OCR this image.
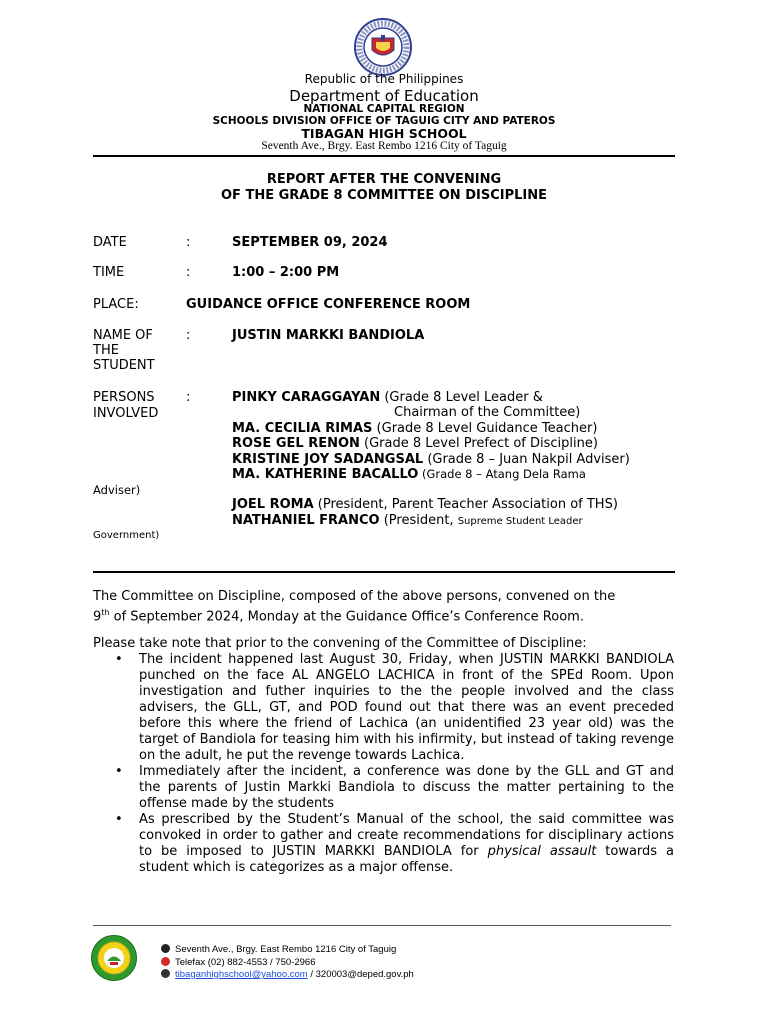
Republic of the Philippines
Department of Education
NATIONAL CAPITAL REGION
SCHOOLS DIVISION OFFICE OF TAGUIG CITY AND PATEROS
TIBAGAN HIGH SCHOOL
Seventh Ave., Brgy. East Rembo 1216 City of Taguig
REPORT AFTER THE CONVENING
OF THE GRADE 8 COMMITTEE ON DISCIPLINE
DATE	:	SEPTEMBER 09, 2024
TIME	:	1:00 – 2:00 PM
PLACE:	GUIDANCE OFFICE CONFERENCE ROOM
NAME OF
THE
STUDENT
:	JUSTIN MARKKI BANDIOLA
PERSONS
INVOLVED
:	PINKY CARAGGAYAN (Grade 8 Level Leader &
Chairman of the Committee)
MA. CECILIA RIMAS (Grade 8 Level Guidance Teacher)
ROSE GEL RENON (Grade 8 Level Prefect of Discipline)
KRISTINE JOY SADANGSAL (Grade 8 – Juan Nakpil Adviser)
MA. KATHERINE BACALLO (Grade 8 – Atang Dela Rama
Adviser)
JOEL ROMA (President, Parent Teacher Association of THS)
NATHANIEL FRANCO (President, Supreme Student Leader
Government)
The Committee on Discipline, composed of the above persons, convened on the
9th of September 2024, Monday at the Guidance Office’s Conference Room.
Please take note that prior to the convening of the Committee of Discipline:
• The incident happened last August 30, Friday, when JUSTIN MARKKI BANDIOLA punched on the face AL ANGELO LACHICA in front of the SPEd Room. Upon investigation and futher inquiries to the the people involved and the class advisers, the GLL, GT, and POD found out that there was an event preceded before this where the friend of Lachica (an unidentified 23 year old) was the target of Bandiola for teasing him with his infirmity, but instead of taking revenge on the adult, he put the revenge towards Lachica.
• Immediately after the incident, a conference was done by the GLL and GT and the parents of Justin Markki Bandiola to discuss the matter pertaining to the offense made by the students
• As prescribed by the Student’s Manual of the school, the said committee was convoked in order to gather and create recommendations for disciplinary actions to be imposed to JUSTIN MARKKI BANDIOLA for physical assault towards a student which is categorizes as a major offense.
Seventh Ave., Brgy. East Rembo 1216 City of Taguig
Telefax (02) 882-4553 / 750-2966
tibaganhighschool@yahoo.com / 320003@deped.gov.ph
